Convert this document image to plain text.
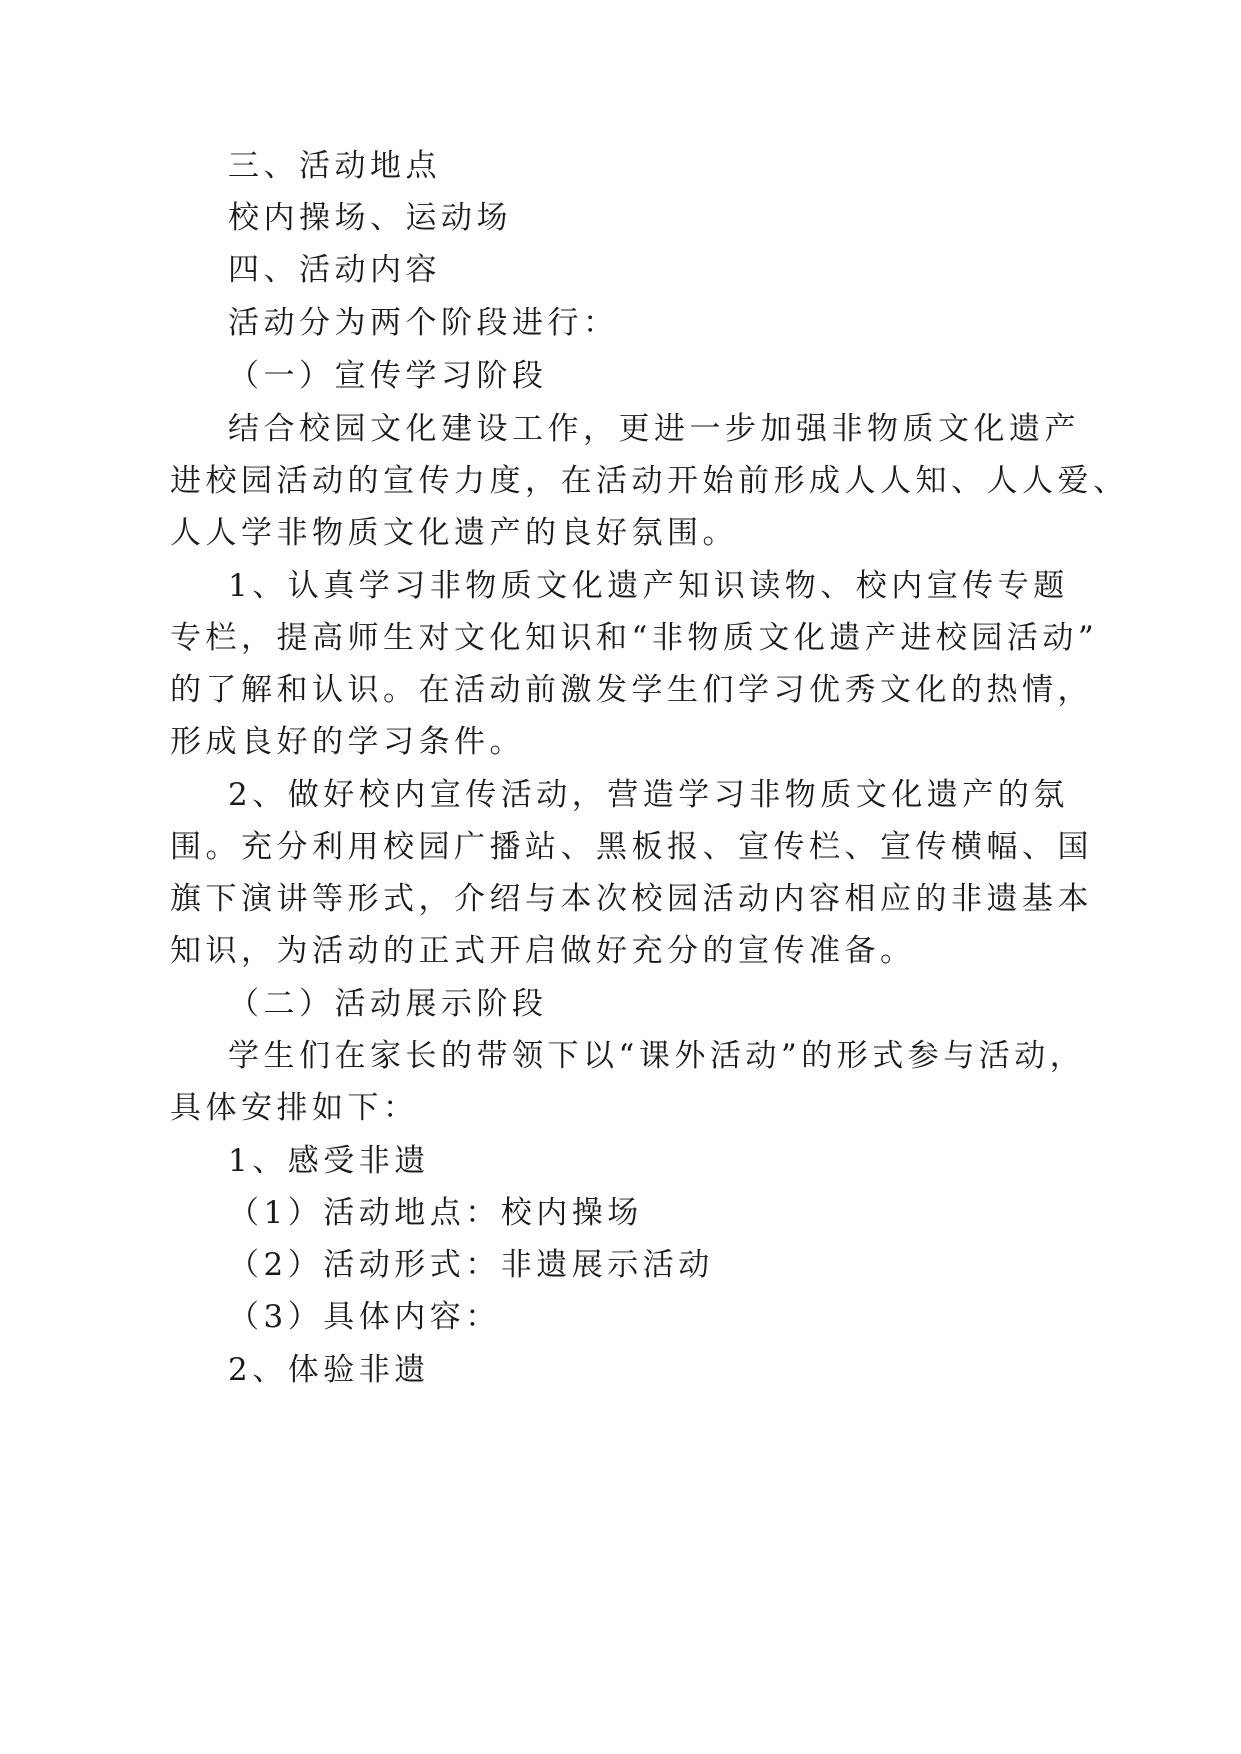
三、活动地点
校内操场、运动场
四、活动内容
活动分为两个阶段进行：
（一）宣传学习阶段
结合校园文化建设工作，更进一步加强非物质文化遗产
进校园活动的宣传力度，在活动开始前形成人人知、人人爱、
人人学非物质文化遗产的良好氛围。
1、认真学习非物质文化遗产知识读物、校内宣传专题
专栏，提高师生对文化知识和“非物质文化遗产进校园活动”
的了解和认识。在活动前激发学生们学习优秀文化的热情，
形成良好的学习条件。
2、做好校内宣传活动，营造学习非物质文化遗产的氛
围。充分利用校园广播站、黑板报、宣传栏、宣传横幅、国
旗下演讲等形式，介绍与本次校园活动内容相应的非遗基本
知识，为活动的正式开启做好充分的宣传准备。
（二）活动展示阶段
学生们在家长的带领下以“课外活动”的形式参与活动，
具体安排如下：
1、感受非遗
（1）活动地点：校内操场
（2）活动形式：非遗展示活动
（3）具体内容：
2、体验非遗
